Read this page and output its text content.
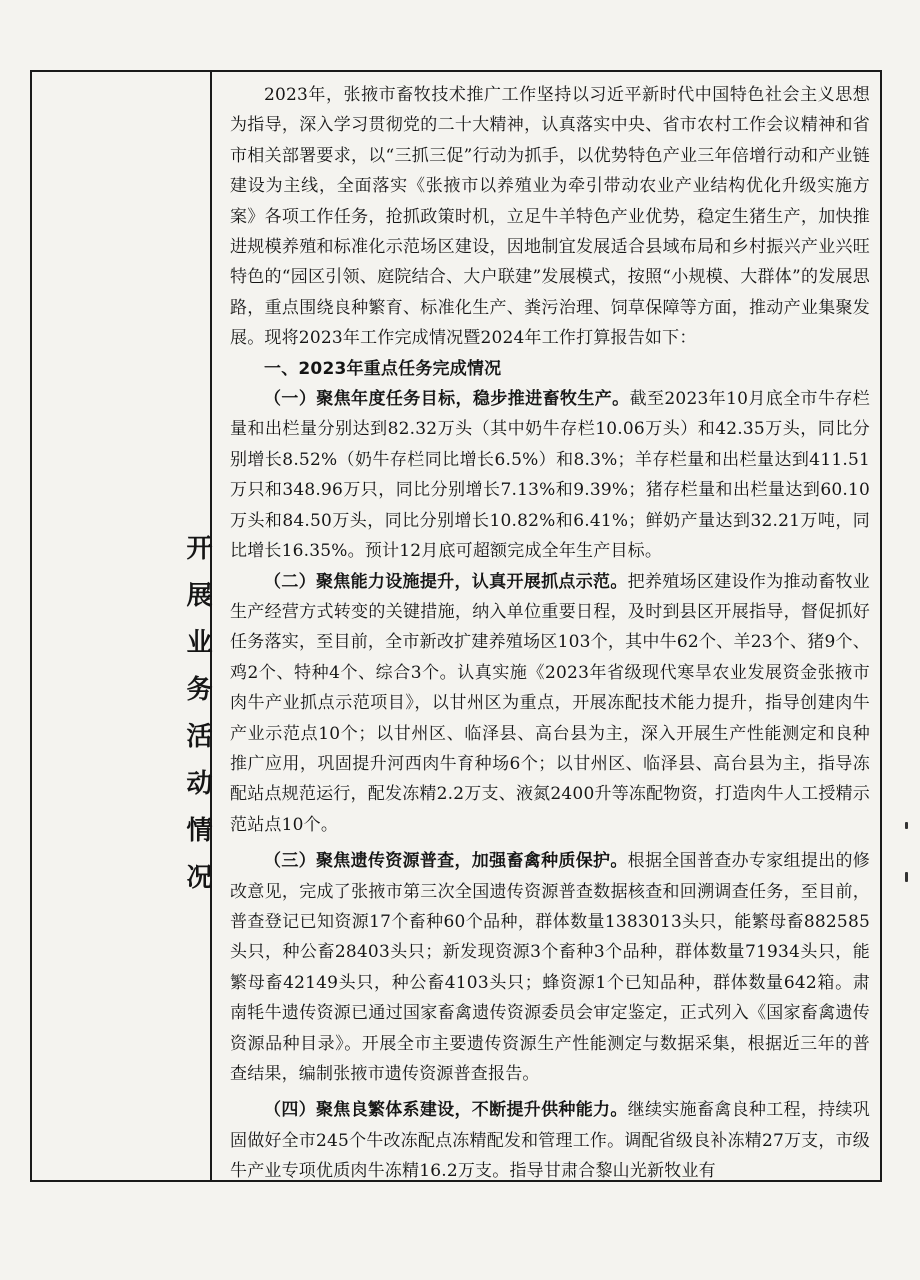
开展业务活动情况

2023年，张掖市畜牧技术推广工作坚持以习近平新时代中国特色社会主义思想为指导，深入学习贯彻党的二十大精神，认真落实中央、省市农村工作会议精神和省市相关部署要求，以“三抓三促”行动为抓手，以优势特色产业三年倍增行动和产业链建设为主线，全面落实《张掖市以养殖业为牵引带动农业产业结构优化升级实施方案》各项工作任务，抢抓政策时机，立足牛羊特色产业优势，稳定生猪生产，加快推进规模养殖和标准化示范场区建设，因地制宜发展适合县域布局和乡村振兴产业兴旺特色的“园区引领、庭院结合、大户联建”发展模式，按照“小规模、大群体”的发展思路，重点围绕良种繁育、标准化生产、粪污治理、饲草保障等方面，推动产业集聚发展。现将2023年工作完成情况暨2024年工作打算报告如下：

一、2023年重点任务完成情况

（一）聚焦年度任务目标，稳步推进畜牧生产。截至2023年10月底全市牛存栏量和出栏量分别达到82.32万头（其中奶牛存栏10.06万头）和42.35万头，同比分别增长8.52%（奶牛存栏同比增长6.5%）和8.3%；羊存栏量和出栏量达到411.51万只和348.96万只，同比分别增长7.13%和9.39%；猪存栏量和出栏量达到60.10万头和84.50万头，同比分别增长10.82%和6.41%；鲜奶产量达到32.21万吨，同比增长16.35%。预计12月底可超额完成全年生产目标。

（二）聚焦能力设施提升，认真开展抓点示范。把养殖场区建设作为推动畜牧业生产经营方式转变的关键措施，纳入单位重要日程，及时到县区开展指导，督促抓好任务落实，至目前，全市新改扩建养殖场区103个，其中牛62个、羊23个、猪9个、鸡2个、特种4个、综合3个。认真实施《2023年省级现代寒旱农业发展资金张掖市肉牛产业抓点示范项目》，以甘州区为重点，开展冻配技术能力提升，指导创建肉牛产业示范点10个；以甘州区、临泽县、高台县为主，深入开展生产性能测定和良种推广应用，巩固提升河西肉牛育种场6个；以甘州区、临泽县、高台县为主，指导冻配站点规范运行，配发冻精2.2万支、液氮2400升等冻配物资，打造肉牛人工授精示范站点10个。

（三）聚焦遗传资源普查，加强畜禽种质保护。根据全国普查办专家组提出的修改意见，完成了张掖市第三次全国遗传资源普查数据核查和回溯调查任务，至目前，普查登记已知资源17个畜种60个品种，群体数量1383013头只，能繁母畜882585头只，种公畜28403头只；新发现资源3个畜种3个品种，群体数量71934头只，能繁母畜42149头只，种公畜4103头只；蜂资源1个已知品种，群体数量642箱。肃南牦牛遗传资源已通过国家畜禽遗传资源委员会审定鉴定，正式列入《国家畜禽遗传资源品种目录》。开展全市主要遗传资源生产性能测定与数据采集，根据近三年的普查结果，编制张掖市遗传资源普查报告。

（四）聚焦良繁体系建设，不断提升供种能力。继续实施畜禽良种工程，持续巩固做好全市245个牛改冻配点冻精配发和管理工作。调配省级良补冻精27万支，市级牛产业专项优质肉牛冻精16.2万支。指导甘肃合黎山光新牧业有
